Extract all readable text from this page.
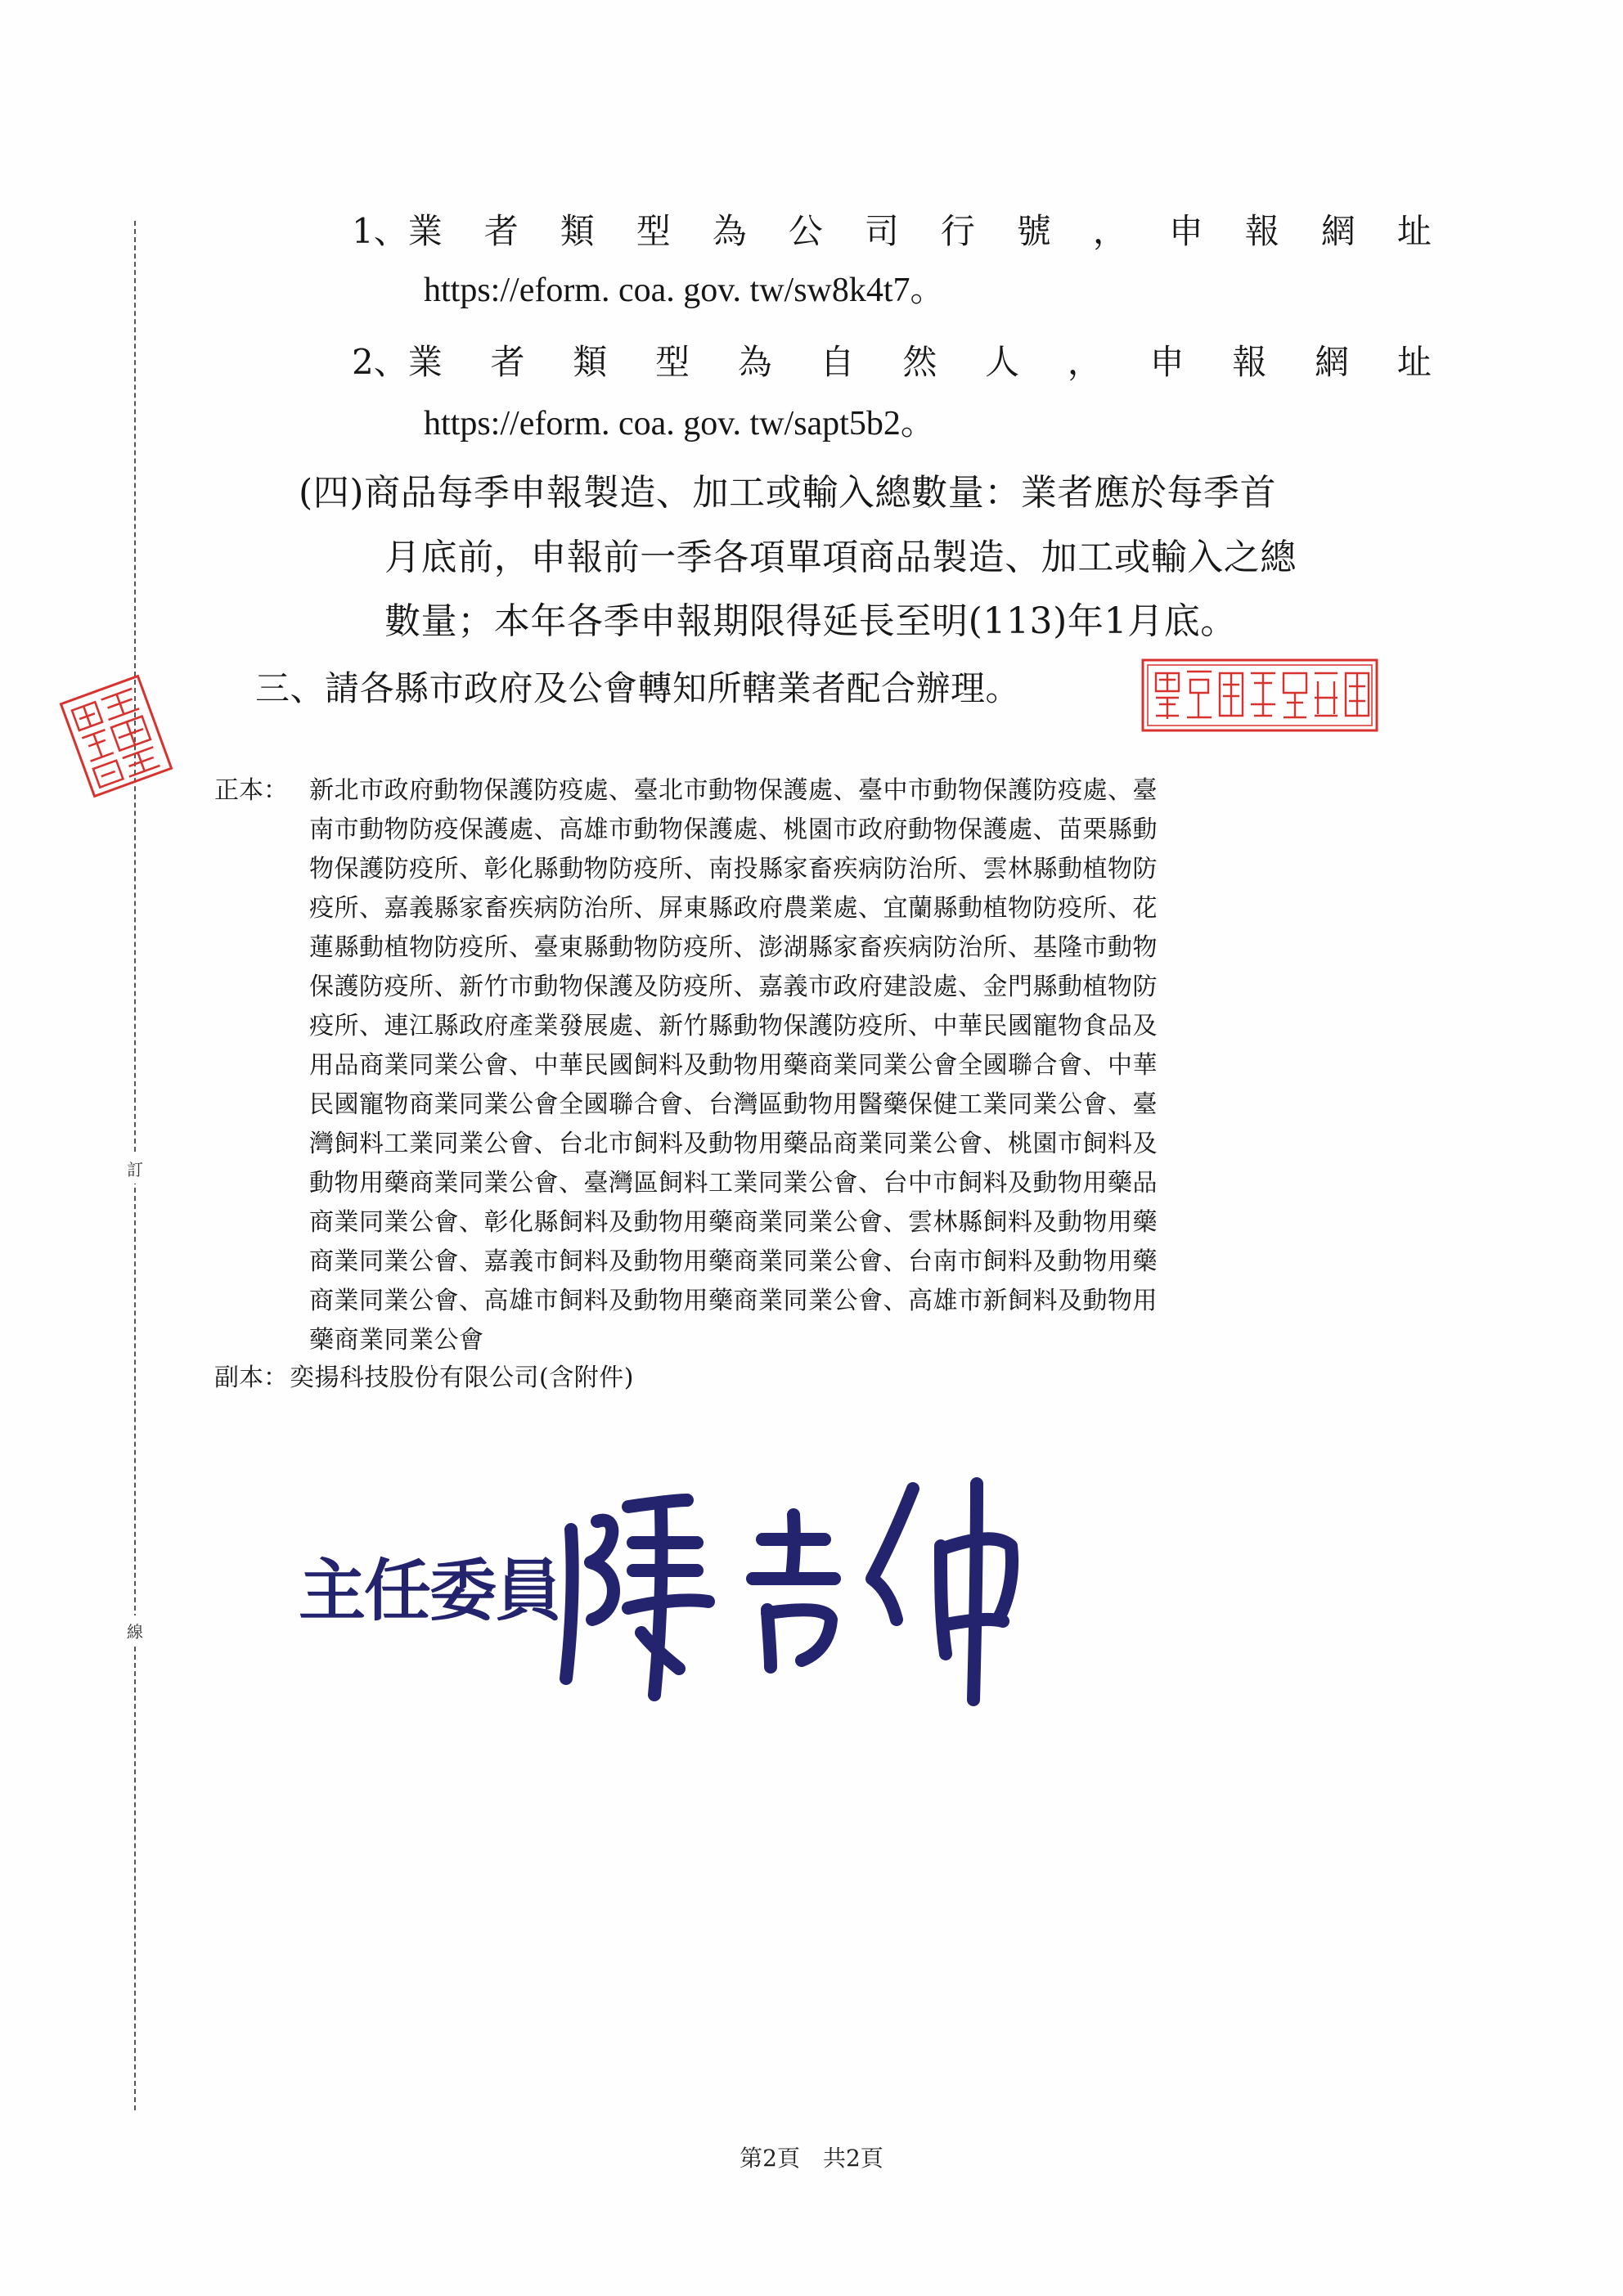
訂
線
1、業 者 類 型 為 公 司 行 號 ， 申 報 網 址
https://eform. coa. gov. tw/sw8k4t7。
2、業 者 類 型 為 自 然 人 ， 申 報 網 址
https://eform. coa. gov. tw/sapt5b2。
(四)商品每季申報製造、加工或輸入總數量：業者應於每季首
月底前，申報前一季各項單項商品製造、加工或輸入之總
數量；本年各季申報期限得延長至明(113)年1月底。
三、請各縣市政府及公會轉知所轄業者配合辦理。
正本： 新北市政府動物保護防疫處、臺北市動物保護處、臺中市動物保護防疫處、臺
南市動物防疫保護處、高雄市動物保護處、桃園市政府動物保護處、苗栗縣動
物保護防疫所、彰化縣動物防疫所、南投縣家畜疾病防治所、雲林縣動植物防
疫所、嘉義縣家畜疾病防治所、屏東縣政府農業處、宜蘭縣動植物防疫所、花
蓮縣動植物防疫所、臺東縣動物防疫所、澎湖縣家畜疾病防治所、基隆市動物
保護防疫所、新竹市動物保護及防疫所、嘉義市政府建設處、金門縣動植物防
疫所、連江縣政府產業發展處、新竹縣動物保護防疫所、中華民國寵物食品及
用品商業同業公會、中華民國飼料及動物用藥商業同業公會全國聯合會、中華
民國寵物商業同業公會全國聯合會、台灣區動物用醫藥保健工業同業公會、臺
灣飼料工業同業公會、台北市飼料及動物用藥品商業同業公會、桃園市飼料及
動物用藥商業同業公會、臺灣區飼料工業同業公會、台中市飼料及動物用藥品
商業同業公會、彰化縣飼料及動物用藥商業同業公會、雲林縣飼料及動物用藥
商業同業公會、嘉義市飼料及動物用藥商業同業公會、台南市飼料及動物用藥
商業同業公會、高雄市飼料及動物用藥商業同業公會、高雄市新飼料及動物用
藥商業同業公會
副本： 奕揚科技股份有限公司(含附件)
主任委員
第2頁　共2頁
